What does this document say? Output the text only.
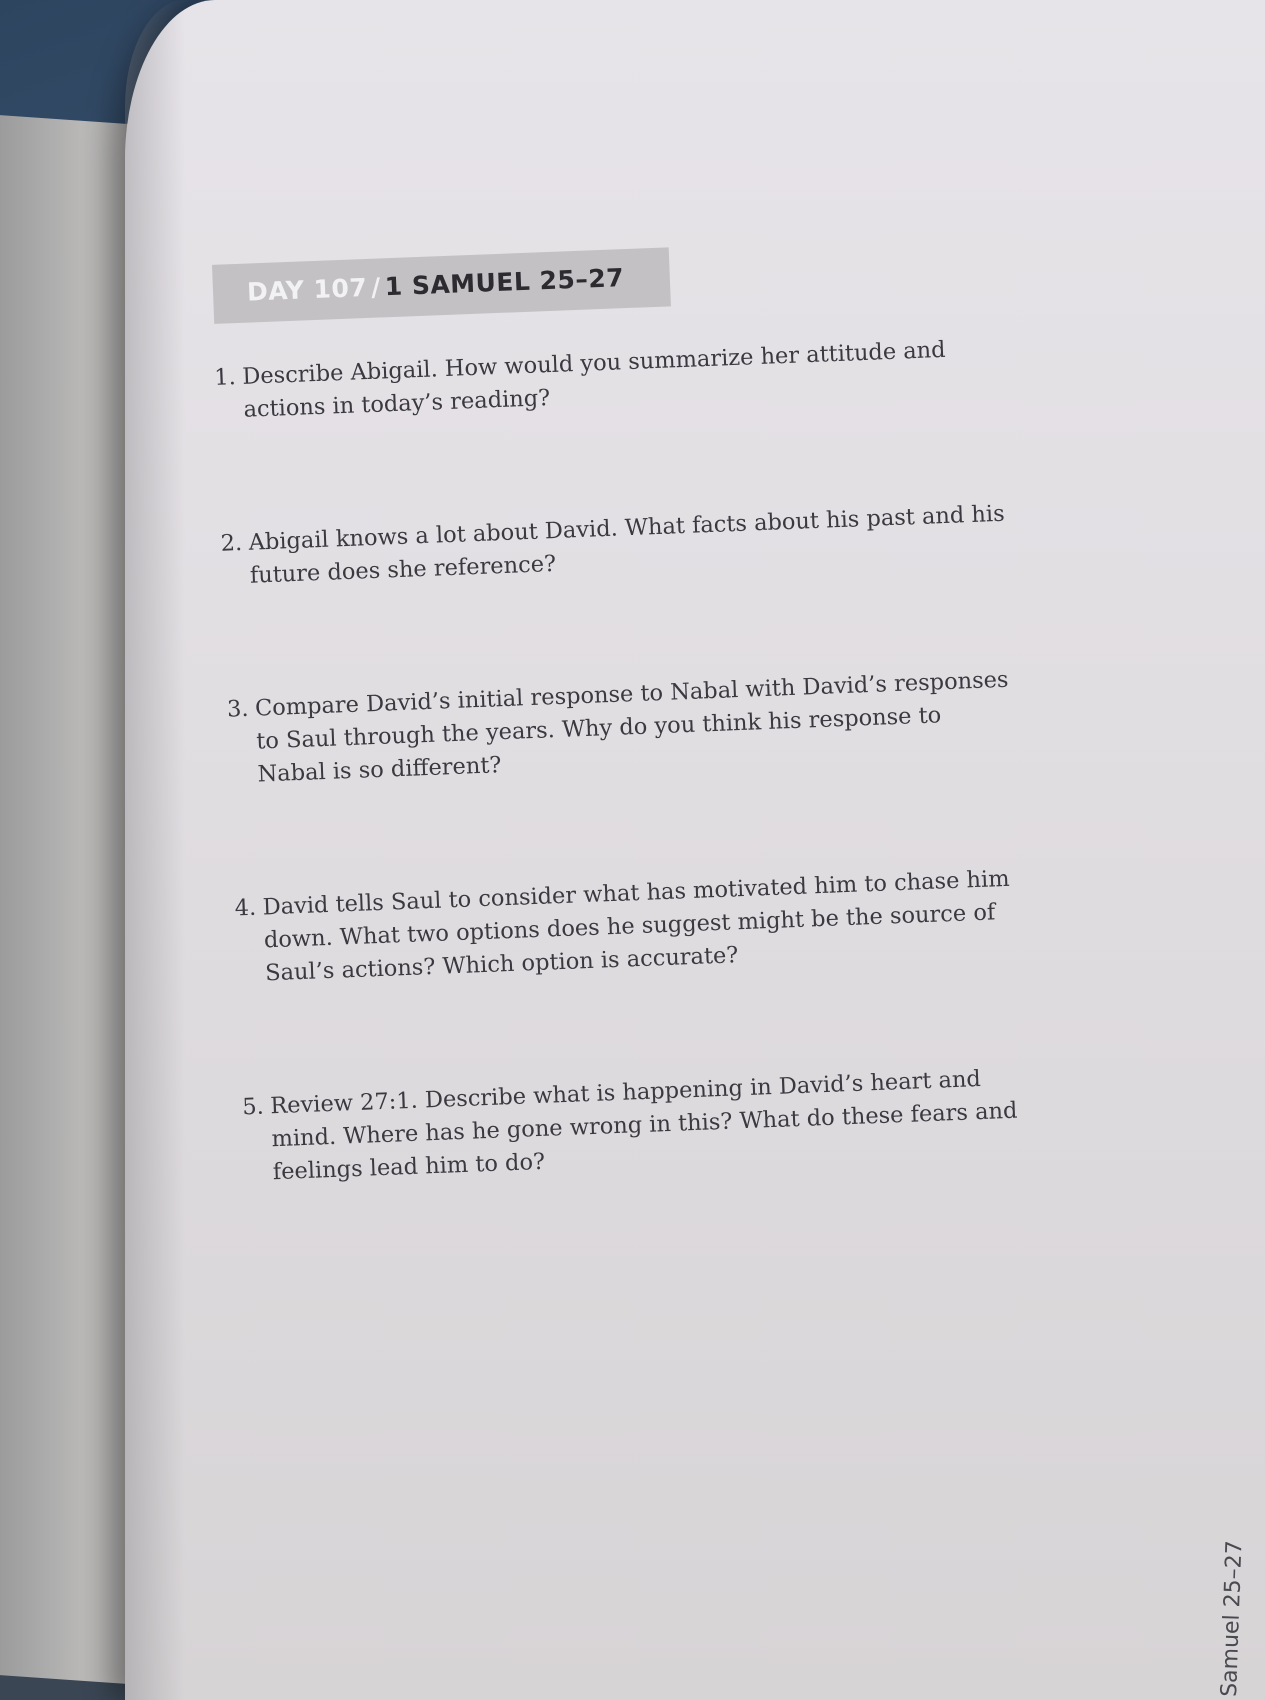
DAY 107 / 1 SAMUEL 25–27
1. Describe Abigail. How would you summarize her attitude and actions in today’s reading?
2. Abigail knows a lot about David. What facts about his past and his future does she reference?
3. Compare David’s initial response to Nabal with David’s responses to Saul through the years. Why do you think his response to Nabal is so different?
4. David tells Saul to consider what has motivated him to chase him down. What two options does he suggest might be the source of Saul’s actions? Which option is accurate?
5. Review 27:1. Describe what is happening in David’s heart and mind. Where has he gone wrong in this? What do these fears and feelings lead him to do?
Samuel 25–27
